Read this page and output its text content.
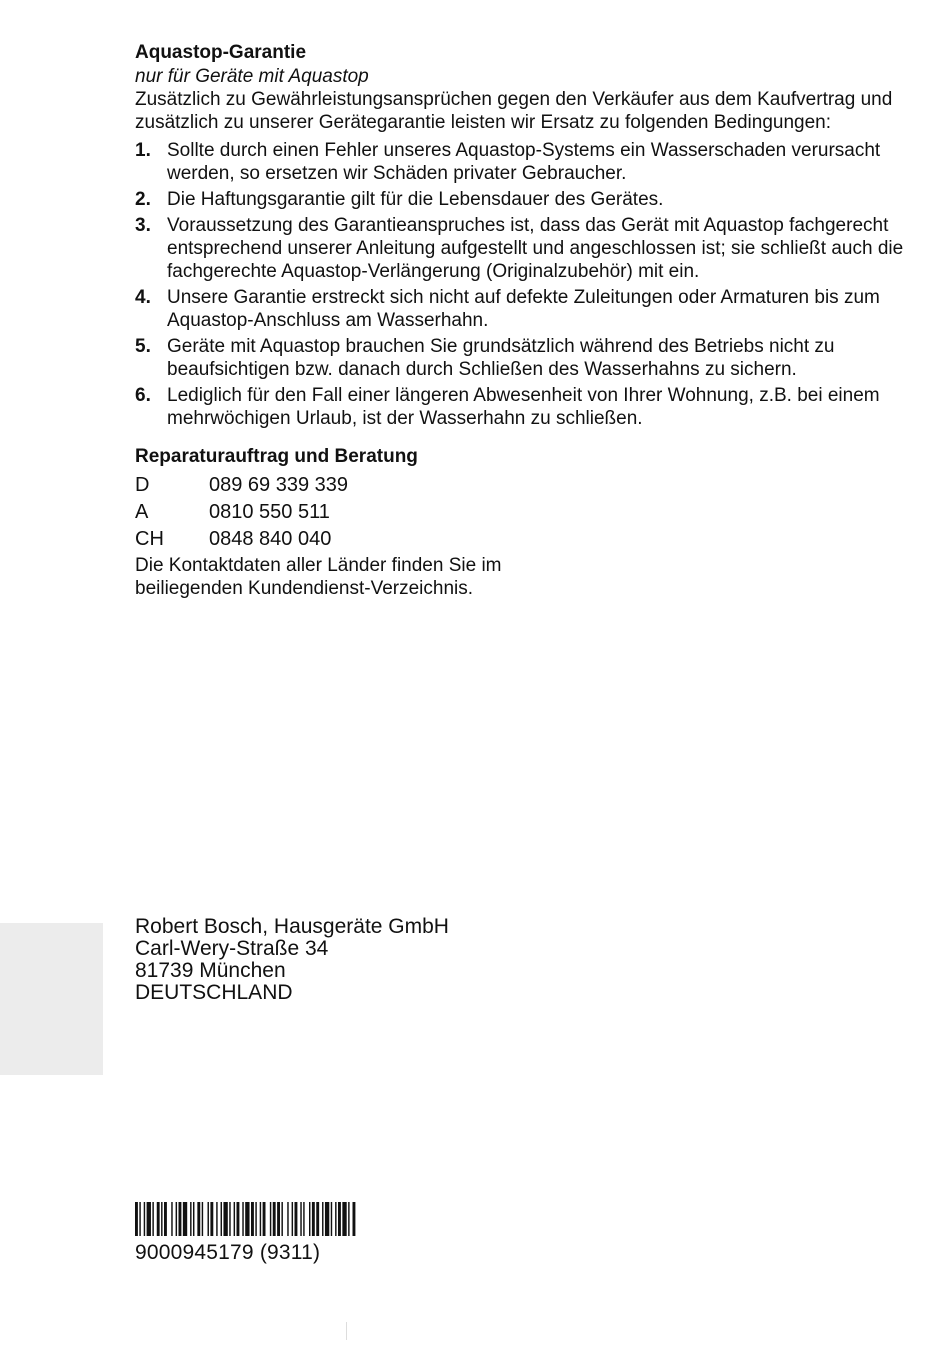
Aquastop-Garantie

nur für Geräte mit Aquastop

Zusätzlich zu Gewährleistungsansprüchen gegen den Verkäufer aus dem Kaufvertrag und zusätzlich zu unserer Gerätegarantie leisten wir Ersatz zu folgenden Bedingungen:

1. Sollte durch einen Fehler unseres Aquastop-Systems ein Wasserschaden verursacht werden, so ersetzen wir Schäden privater Gebraucher.
2. Die Haftungsgarantie gilt für die Lebensdauer des Gerätes.
3. Voraussetzung des Garantieanspruches ist, dass das Gerät mit Aquastop fachgerecht entsprechend unserer Anleitung aufgestellt und angeschlossen ist; sie schließt auch die fachgerechte Aquastop-Verlängerung (Originalzubehör) mit ein.
4. Unsere Garantie erstreckt sich nicht auf defekte Zuleitungen oder Armaturen bis zum Aquastop-Anschluss am Wasserhahn.
5. Geräte mit Aquastop brauchen Sie grundsätzlich während des Betriebs nicht zu beaufsichtigen bzw. danach durch Schließen des Wasserhahns zu sichern.
6. Lediglich für den Fall einer längeren Abwesenheit von Ihrer Wohnung, z.B. bei einem mehrwöchigen Urlaub, ist der Wasserhahn zu schließen.
Reparaturauftrag und Beratung
D	089 69 339 339
A	0810 550 511
CH	0848 840 040
Die Kontaktdaten aller Länder finden Sie im
beiliegenden Kundendienst-Verzeichnis.
Robert Bosch, Hausgeräte GmbH
Carl-Wery-Straße 34
81739 München
DEUTSCHLAND
9000945179 (9311)
